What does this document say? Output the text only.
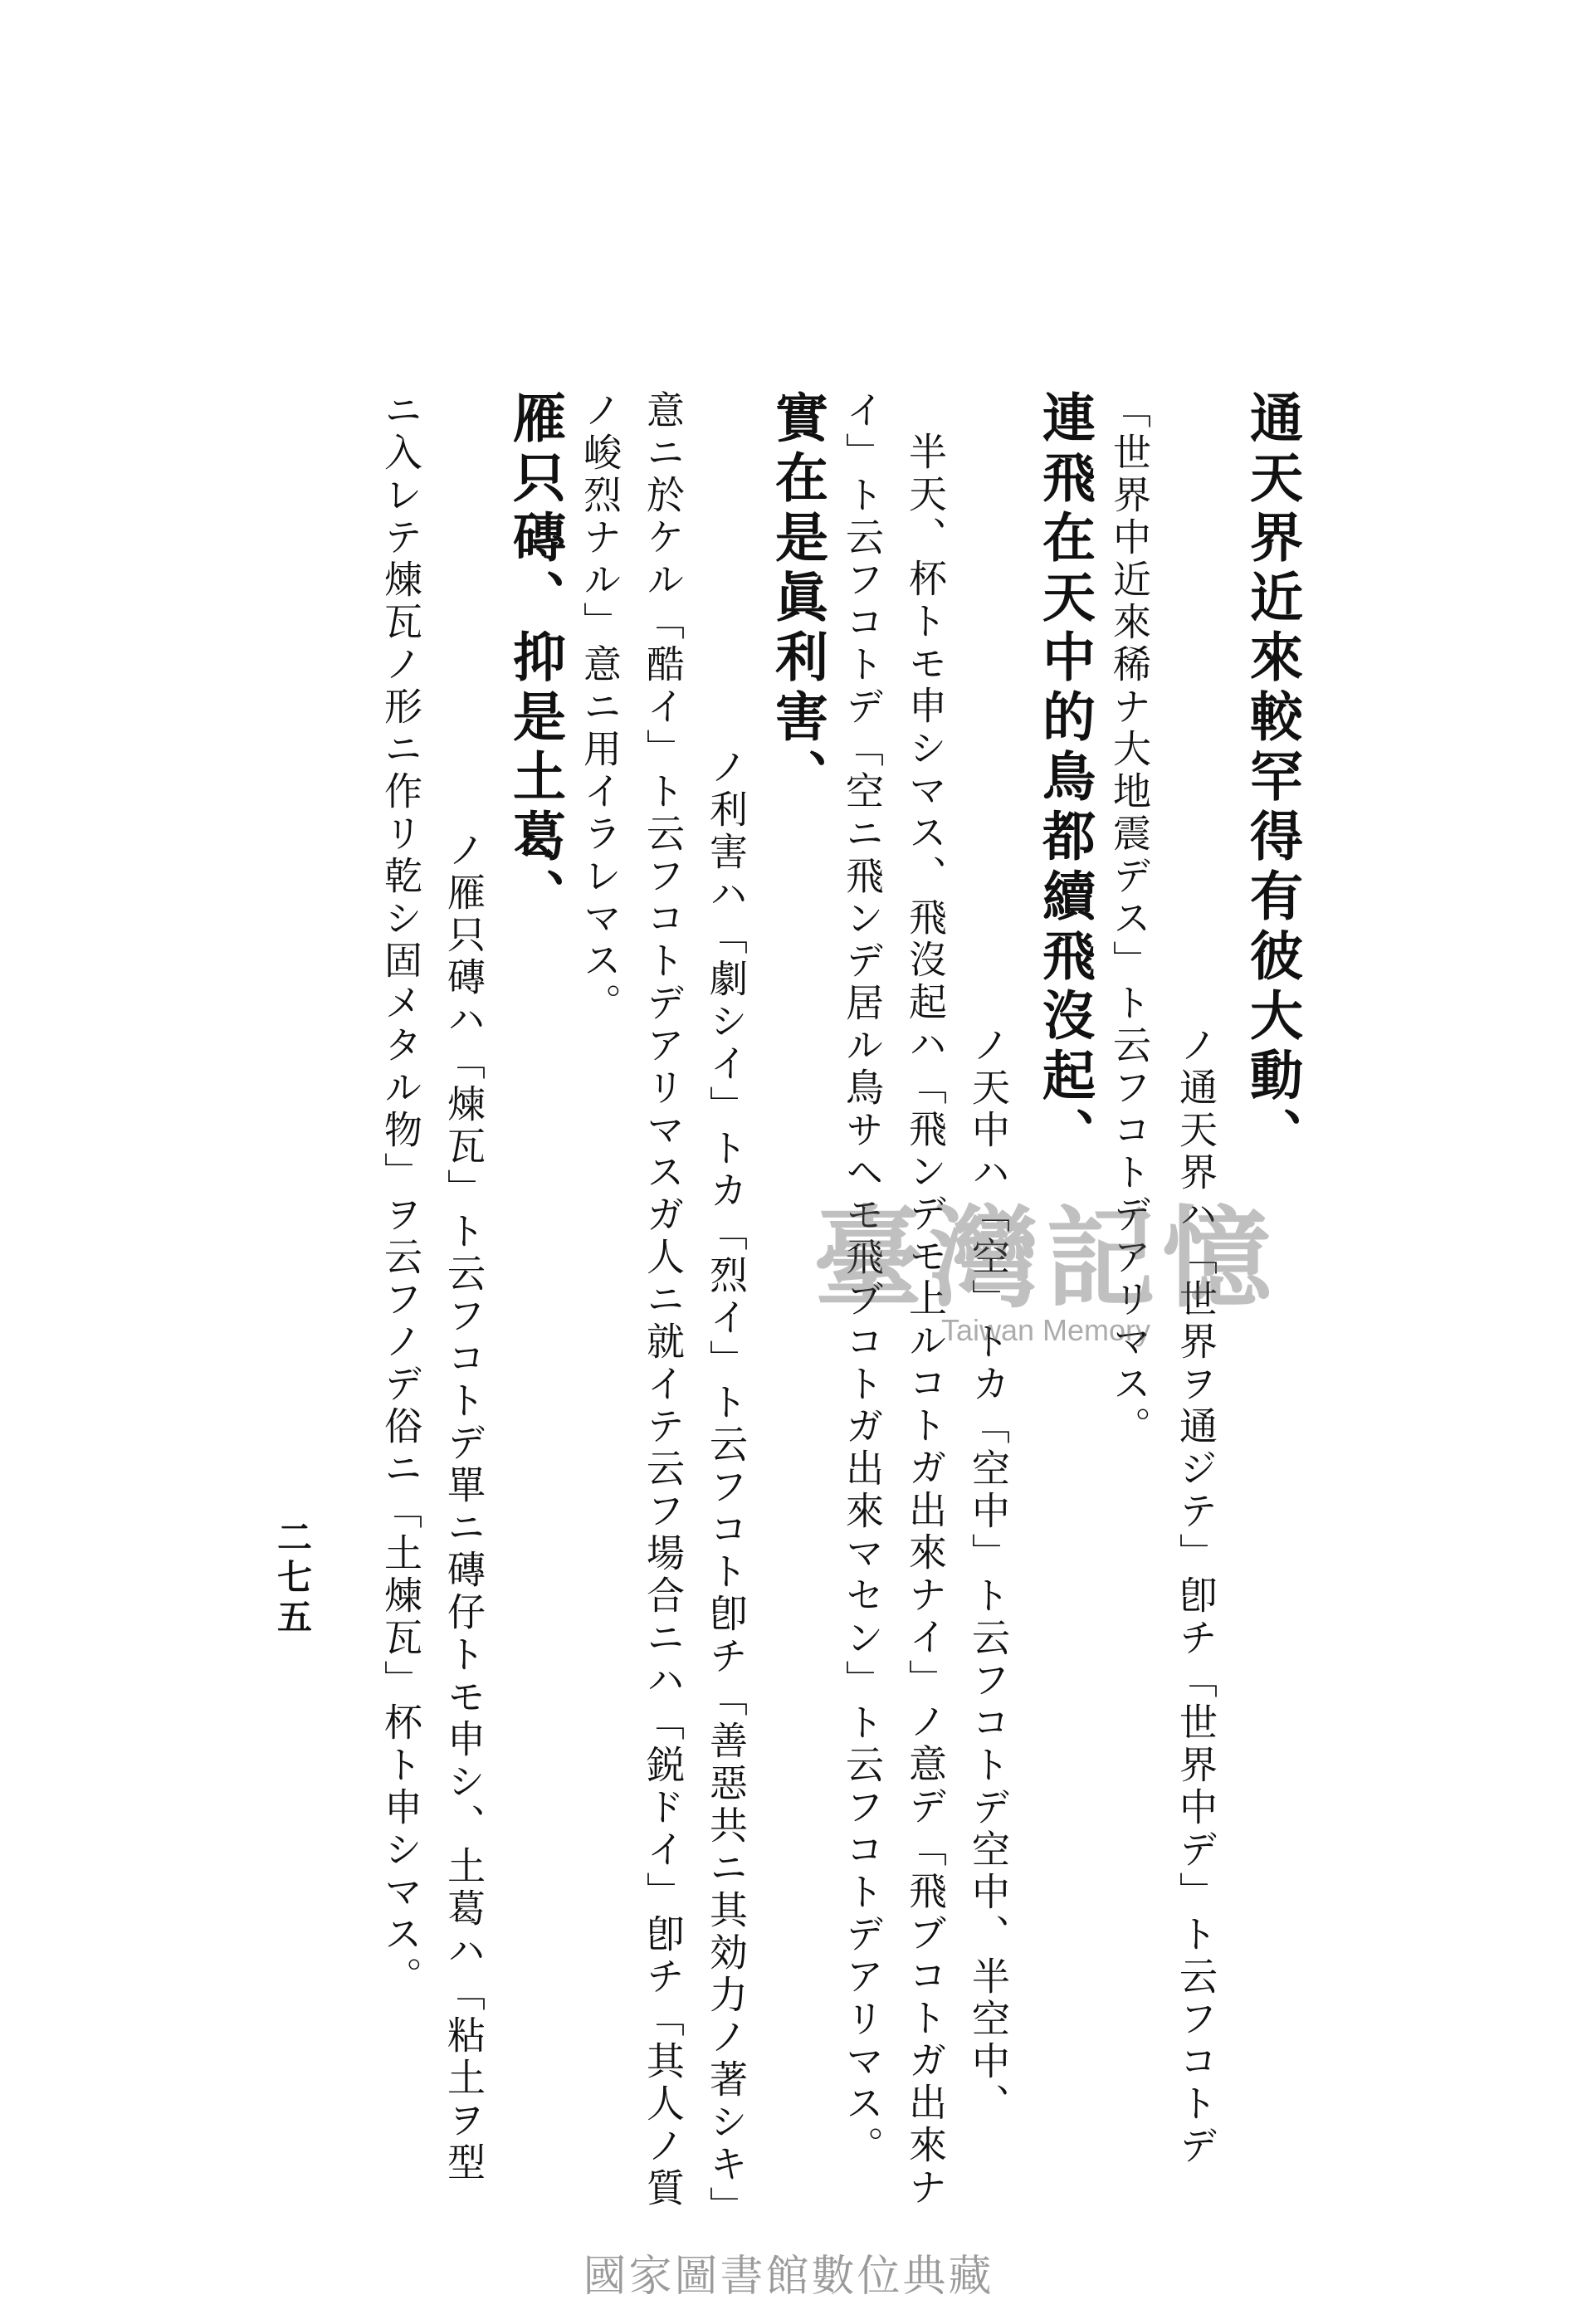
通天界近來較罕得有彼大動、
ノ通天界ハ「世界ヲ通ジテ」卽チ「世界中デ」ト云フコトデ
「世界中近來稀ナ大地震デス」ト云フコトデアリマス。
連飛在天中的鳥都續飛沒起、
ノ天中ハ「空」トカ「空中」ト云フコトデ空中、半空中、
半天、杯トモ申シマス、飛沒起ハ「飛ンデモ上ルコトガ出來ナイ」ノ意デ「飛ブコトガ出來ナ
イ」ト云フコトデ「空ニ飛ンデ居ル鳥サヘモ飛ブコトガ出來マセン」ト云フコトデアリマス。
實在是眞利害、
ノ利害ハ「劇シイ」トカ「烈イ」ト云フコト卽チ「善惡共ニ其効力ノ著シキ」
意ニ於ケル「酷イ」ト云フコトデアリマスガ人ニ就イテ云フ場合ニハ「鋭ドイ」卽チ「其人ノ質
ノ峻烈ナル」意ニ用イラレマス。
雁只磚、抑是土葛、
ノ雁只磚ハ「煉瓦」ト云フコトデ單ニ磚仔トモ申シ、土葛ハ「粘土ヲ型
ニ入レテ煉瓦ノ形ニ作リ乾シ固メタル物」ヲ云フノデ俗ニ「土煉瓦」杯ト申シマス。
二七五
臺灣記憶
Taiwan Memory
國家圖書館數位典藏
